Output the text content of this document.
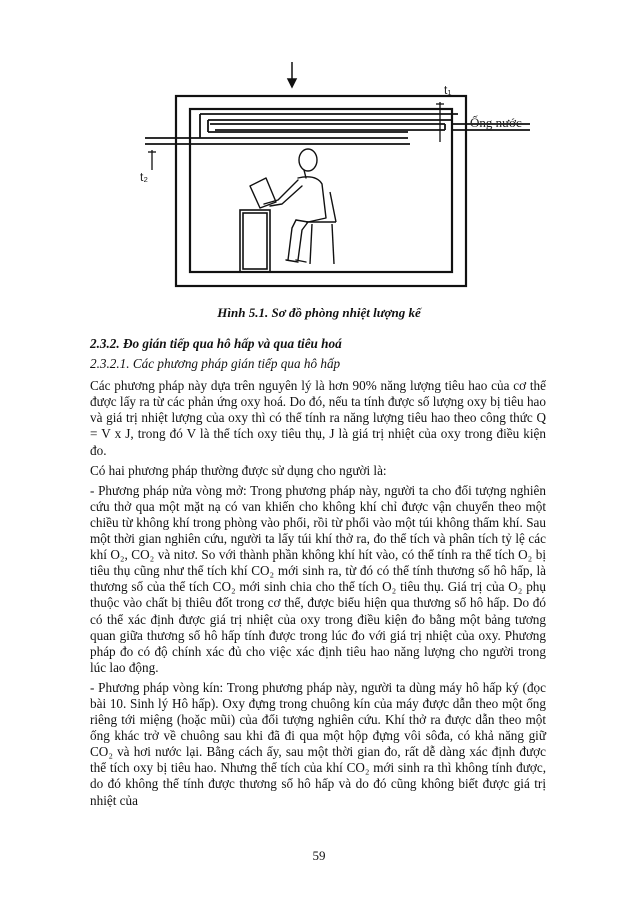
t₁
t₂
Ống nước
Hình 5.1. Sơ đồ phòng nhiệt lượng kế
2.3.2. Đo gián tiếp qua hô hấp và qua tiêu hoá
2.3.2.1. Các phương pháp gián tiếp qua hô hấp
Các phương pháp này dựa trên nguyên lý là hơn 90% năng lượng tiêu hao của cơ thể được lấy ra từ các phản ứng oxy hoá. Do đó, nếu ta tính được số lượng oxy bị tiêu hao và giá trị nhiệt lượng của oxy thì có thể tính ra năng lượng tiêu hao theo công thức Q = V x J, trong đó V là thể tích oxy tiêu thụ, J là giá trị nhiệt của oxy trong điều kiện đo.
Có hai phương pháp thường được sử dụng cho người là:
- Phương pháp nửa vòng mở: Trong phương pháp này, người ta cho đối tượng nghiên cứu thở qua một mặt nạ có van khiến cho không khí chỉ được vận chuyển theo một chiều từ không khí trong phòng vào phổi, rồi từ phổi vào một túi không thấm khí. Sau một thời gian nghiên cứu, người ta lấy túi khí thở ra, đo thể tích và phân tích tỷ lệ các khí O₂, CO₂ và nitơ. So với thành phần không khí hít vào, có thể tính ra thể tích O₂ bị tiêu thụ cũng như thể tích khí CO₂ mới sinh ra, từ đó có thể tính thương số hô hấp, là thương số của thể tích CO₂ mới sinh chia cho thể tích O₂ tiêu thụ. Giá trị của O₂ phụ thuộc vào chất bị thiêu đốt trong cơ thể, được biểu hiện qua thương số hô hấp. Do đó có thể xác định được giá trị nhiệt của oxy trong điều kiện đo bằng một bảng tương quan giữa thương số hô hấp tính được trong lúc đo với giá trị nhiệt của oxy. Phương pháp đo có độ chính xác đủ cho việc xác định tiêu hao năng lượng cho người trong lúc lao động.
- Phương pháp vòng kín: Trong phương pháp này, người ta dùng máy hô hấp ký (đọc bài 10. Sinh lý Hô hấp). Oxy đựng trong chuông kín của máy được dẫn theo một ống riêng tới miệng (hoặc mũi) của đối tượng nghiên cứu. Khí thở ra được dẫn theo một ống khác trở về chuông sau khi đã đi qua một hộp đựng vôi sôđa, có khả năng giữ CO₂ và hơi nước lại. Bằng cách ấy, sau một thời gian đo, rất dễ dàng xác định được thể tích oxy bị tiêu hao. Nhưng thể tích của khí CO₂ mới sinh ra thì không tính được, do đó không thể tính được thương số hô hấp và do đó cũng không biết được giá trị nhiệt của
59
